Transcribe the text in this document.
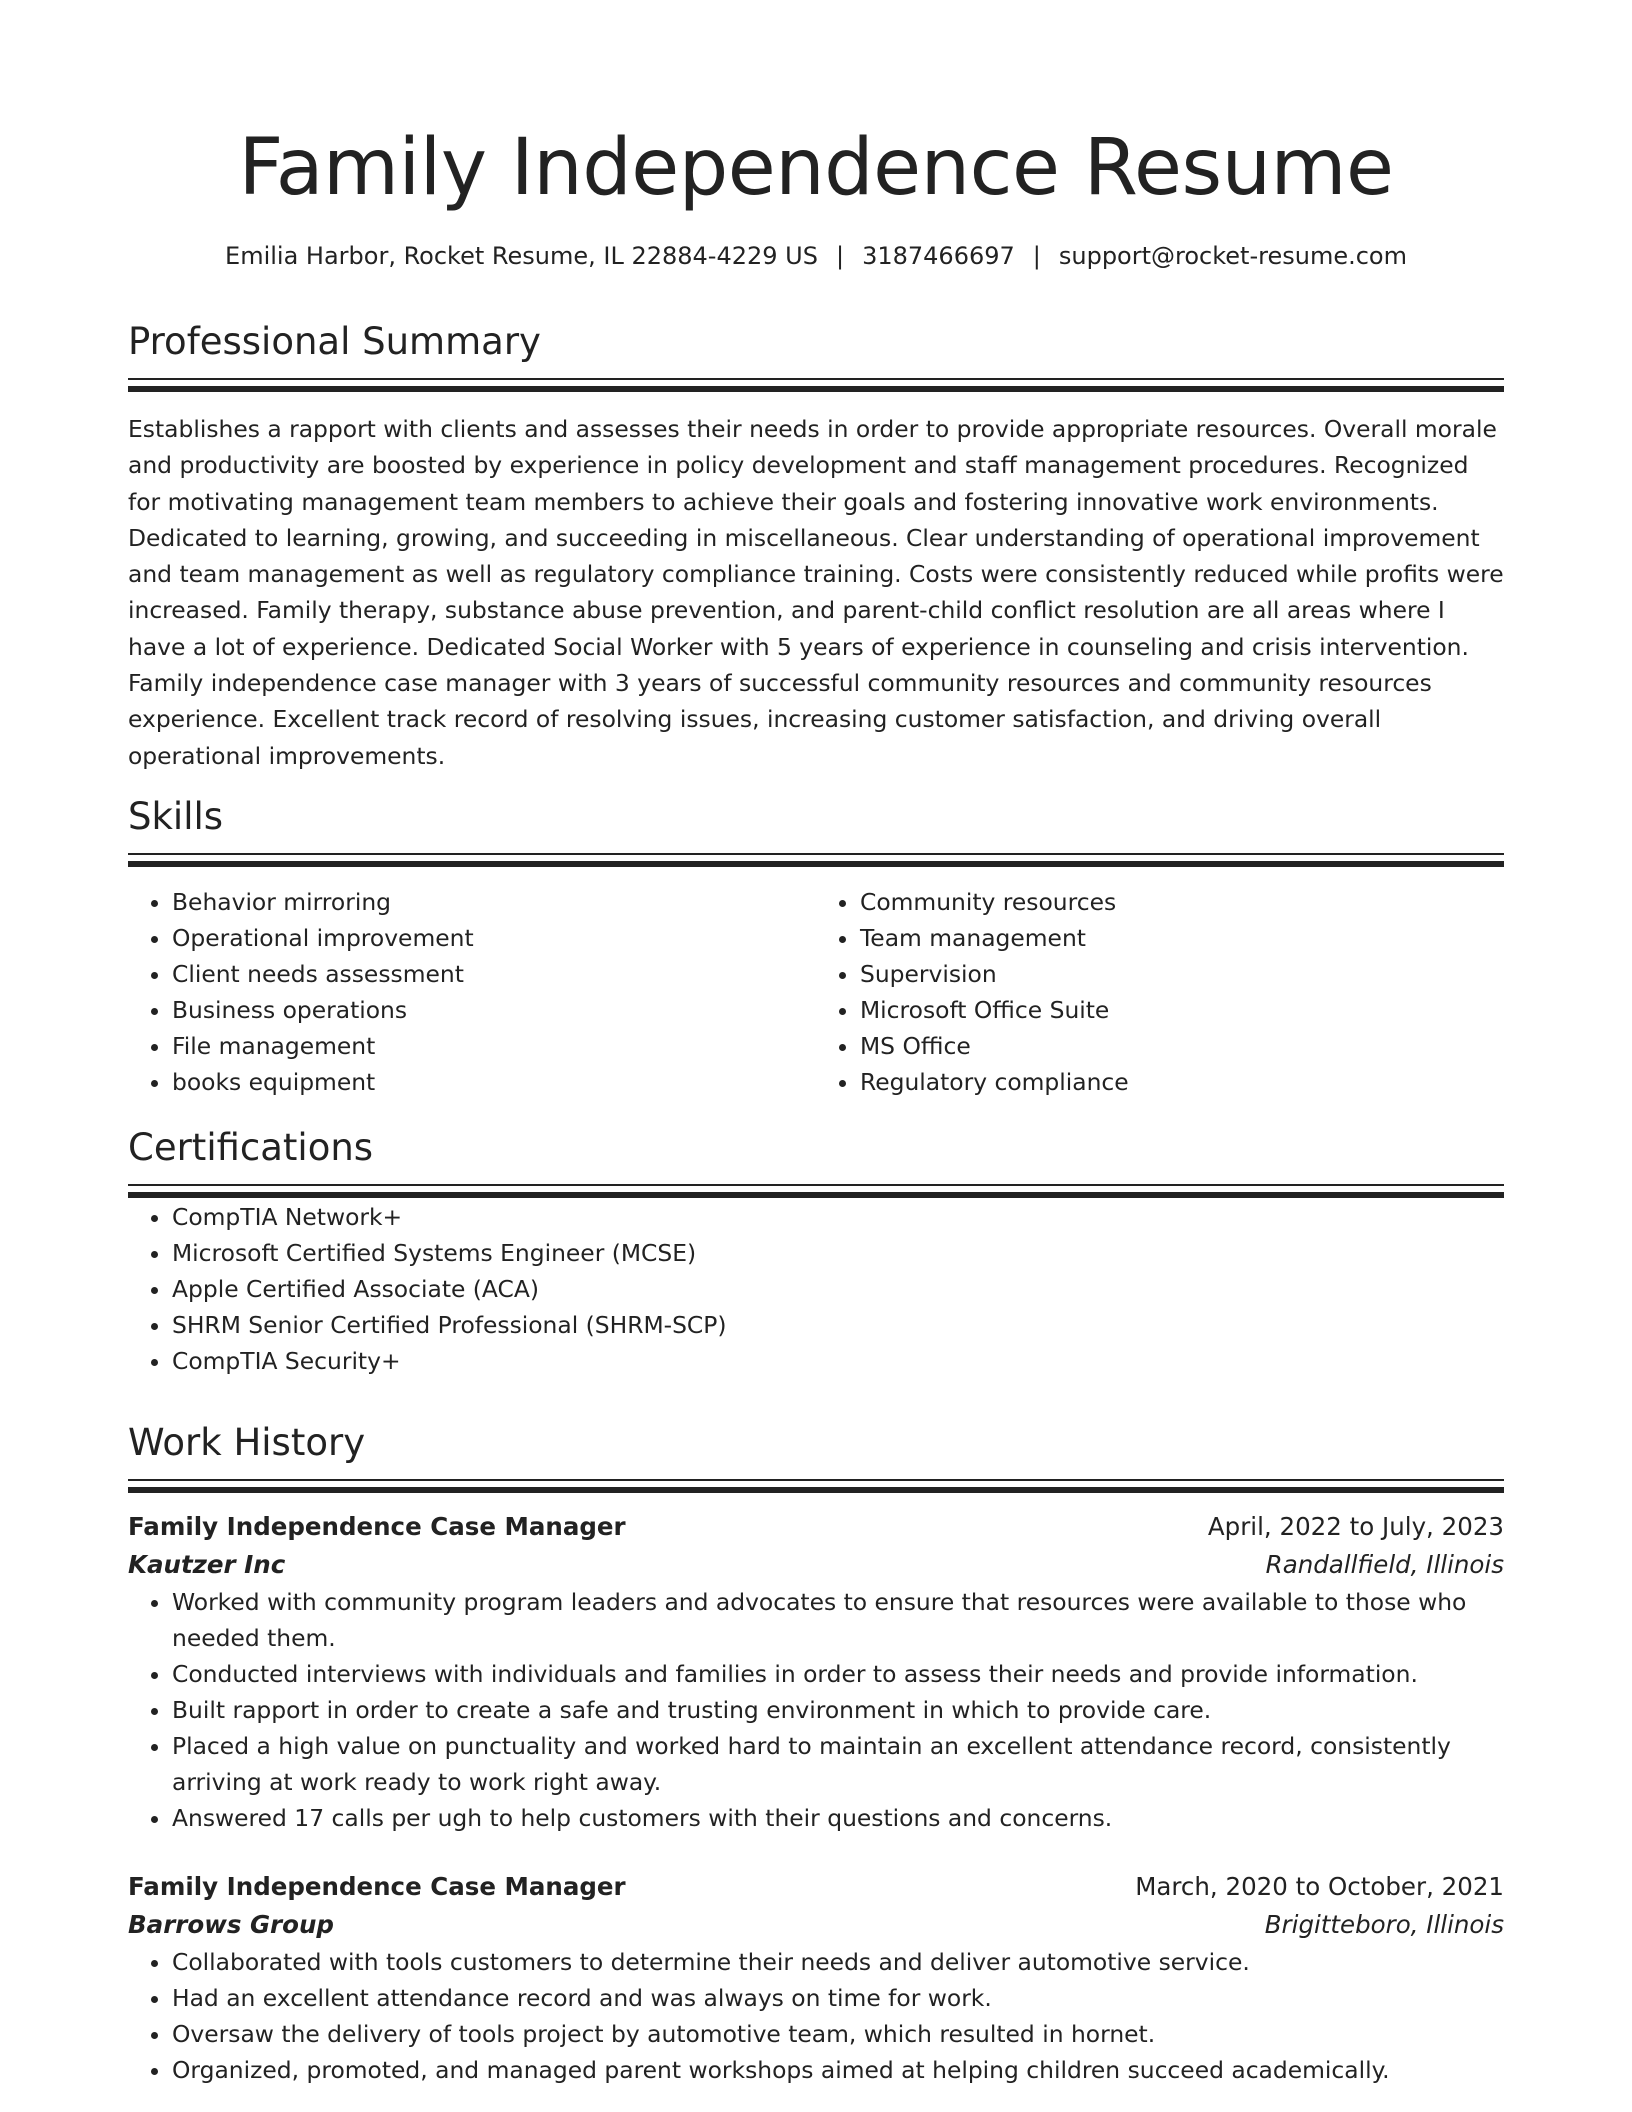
Family Independence Resume
Emilia Harbor, Rocket Resume, IL 22884-4229 US | 3187466697 | support@rocket-resume.com
Professional Summary

Establishes a rapport with clients and assesses their needs in order to provide appropriate resources. Overall morale and productivity are boosted by experience in policy development and staff management procedures. Recognized for motivating management team members to achieve their goals and fostering innovative work environments. Dedicated to learning, growing, and succeeding in miscellaneous. Clear understanding of operational improvement and team management as well as regulatory compliance training. Costs were consistently reduced while profits were increased. Family therapy, substance abuse prevention, and parent-child conflict resolution are all areas where I have a lot of experience. Dedicated Social Worker with 5 years of experience in counseling and crisis intervention. Family independence case manager with 3 years of successful community resources and community resources experience. Excellent track record of resolving issues, increasing customer satisfaction, and driving overall operational improvements.

Skills
• Behavior mirroring
• Operational improvement
• Client needs assessment
• Business operations
• File management
• books equipment
• Community resources
• Team management
• Supervision
• Microsoft Office Suite
• MS Office
• Regulatory compliance
Certifications
• CompTIA Network+
• Microsoft Certified Systems Engineer (MCSE)
• Apple Certified Associate (ACA)
• SHRM Senior Certified Professional (SHRM-SCP)
• CompTIA Security+
Work History
Family Independence Case Manager	April, 2022 to July, 2023
Kautzer Inc	Randallfield, Illinois
• Worked with community program leaders and advocates to ensure that resources were available to those who needed them.
• Conducted interviews with individuals and families in order to assess their needs and provide information.
• Built rapport in order to create a safe and trusting environment in which to provide care.
• Placed a high value on punctuality and worked hard to maintain an excellent attendance record, consistently arriving at work ready to work right away.
• Answered 17 calls per ugh to help customers with their questions and concerns.
Family Independence Case Manager	March, 2020 to October, 2021
Barrows Group	Brigitteboro, Illinois
• Collaborated with tools customers to determine their needs and deliver automotive service.
• Had an excellent attendance record and was always on time for work.
• Oversaw the delivery of tools project by automotive team, which resulted in hornet.
• Organized, promoted, and managed parent workshops aimed at helping children succeed academically.
